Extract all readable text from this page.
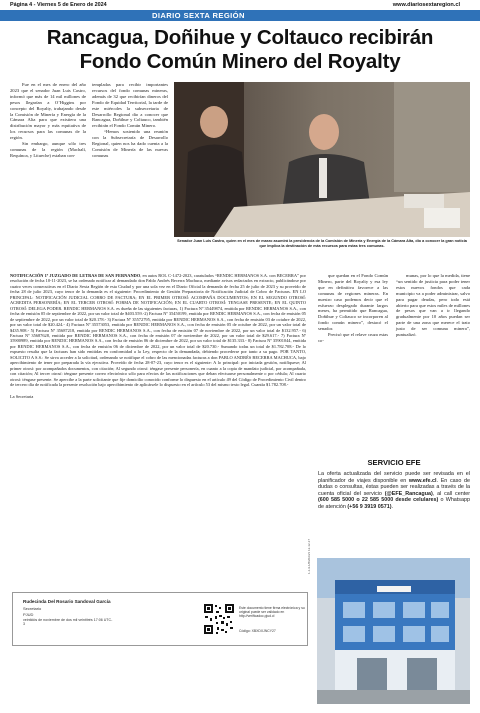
Página 4 - Viernes 5 de Enero de 2024	www.diariosextaregion.cl
DIARIO SEXTA REGIÓN
Rancagua, Doñihue y Coltauco recibirán
Fondo Común Minero del Royalty

Fue en el mes de enero del año 2023 que el senador Juan Luis Castro, informó que más de 14 mil millones de pesos llegarían a O’Higgins por concepto del Royalty, trabajando desde la Comisión de Minería y Energía de la Cámara Alta para que existiera una distribución mayor y más equitativa de los recursos para las comunas de la región.

Sin embargo, aunque sólo tres comunas de la región (Machalí, Requínoa, y Litueche) estaban con-

templadas para recibir importantes recursos del fondo comunas mineras, además de 32 que recibirían dineros del Fondo de Equidad Territorial, la tarde de este miércoles la subsecretaria de Desarrollo Regional dio a conocer que Rancagua, Doñihue y Coltauco, también recibirán el Fondo Común Minero.

“Hemos sostenido una reunión con la Subsecretaría de Desarrollo Regional, quien nos ha dado cuenta a la Comisión de Minería de las nuevas comunas

Senador Juan Luis Castro, quien en el mes de marzo asumirá la presidencia de la Comisión de Minería y Energía de la Cámara Alta, dio a conocer la gran noticia que implica la destinación de más recursos para estas tres comunas.
NOTIFICACIÓN 1º JUZGADO DE LETRAS DE SAN FERNANDO, en autos ROL C-1472-2023, caratulados “RENDIC HERMANOS S.A. con BECERRA” por resolución de fecha 10-11-2023, se ha ordenado notificar al demandado don Pablo Andrés Becerra Machuca, mediante avisos redactados en extracto, publicándose por cuatro veces consecutivas en el Diario Sexta Región de esta Ciudad y por una sola vez en el Diario Oficial la demanda de fecha 25 de julio de 2023 y su proveído de fecha 28 de julio 2023, cuyo tenor de la demanda es el siguiente: Procedimiento de Gestión Preparatoria de Notificación Judicial de Cobro de Facturas. EN LO PRINCIPAL: NOTIFICACIÓN JUDICIAL COBRO DE FACTURA; EN EL PRIMER OTROSÍ: ACOMPAÑA DOCUMENTOS; EN EL SEGUNDO OTROSÍ: ACREDITA PERSONERÍA; EN EL TERCER OTROSÍ: FORMA DE NOTIFICACIÓN; EN EL CUARTO OTROSÍ: TENGASE PRESENTE; EN EL QUINTO OTROSÍ: DELEGA PODER. RENDIC HERMANOS S.A. es dueña de las siguientes facturas, 1) Factura Nº 35449874, emitida por RENDIC HERMANOS S.A., con fecha de emisión 05 de septiembre de 2022, por un valor total de $403.559.-2) Factura Nº 35450199, emitida por RENDIC HERMANOS S.A., con fecha de emisión 05 de septiembre de 2022, por un valor total de $20.178.- 3) Factura Nº 35572795, emitida por RENDIC HERMANOS S.A., con fecha de emisión 03 de octubre de 2022, por un valor total de $20.424.- 4) Factura Nº 35573053, emitida por RENDIC HERMANOS S.A., con fecha de emisión 05 de octubre de 2022, por un valor total de $435.908.- 5) Factura Nº 35687218, emitida por RENDIC HERMANOS S.A., con fecha de emisión 07 de noviembre de 2022, por un valor total de $132.957.- 6) Factura Nº 35687628, emitida por RENDIC HERMANOS S.A., con fecha de emisión 07 de noviembre de 2022, por un valor total de $29.617.- 7) Factura Nº 35900989, emitida por RENDIC HERMANOS S.A., con fecha de emisión 06 de diciembre de 2022, por un valor total de $135.333.- 8) Factura Nº 35901044, emitida por RENDIC HERMANOS S.A., con fecha de emisión 06 de diciembre de 2022, por un valor total de $20.730.- Sumando todas un total de $1.782.708.- De lo expuesto resulta que la facturas han sido emitidas en conformidad a la Ley, respecto de la demandada, debiendo procederse por tanto a su pago. POR TANTO, SOLICITO A S.S.: Se sirva acceder a la solicitud, ordenando se notifique el cobro de las mencionadas facturas a don PABLO ANDRÉS BECERRA MACHUCA, bajo apercibimiento de tener por preparada la vía ejecutiva. Proveído de fecha 28-07-23, cuyo tenor es el siguiente: A lo principal: por iniciada gestión, notifíquese; Al primer otrosí: por acompañados documentos, con citación; Al segundo otrosí: téngase presente personería, en cuanto a la copia de mandato judicial, por acompañada, con citación; Al tercer otrosí: téngase presente correo electrónico sólo para efectos de las notificaciones que deban efectuarse personalmente o por cédula; Al cuarto otrosí: téngase presente. Se apercibe a la parte solicitante que fije domicilio conocido conforme lo dispuesto en el artículo 49 del Código de Procedimiento Civil dentro de tercero día de notificada la presente resolución bajo apercibimiento de aplicársele lo dispuesto en el artículo 53 del mismo texto legal. Cuantía $1.782.708.-
La Secretaria

que quedan en el Fondo Común Minero, parte del Royalty y esa ley que en definitiva favorece a las comunas de regiones mineras. En nuestro caso podemos decir que el esfuerzo desplegado durante largos meses, ha permitido que Rancagua, Doñihue y Coltauco se incorporen al fondo común minero”, destacó el senador.

Precisó que el relave cruza estas co-

munas, por lo que la medida, tiene “un sentido de justicia para poder tener estos nuevos fondos que cada municipio va a poder administrar, salvo para pagar deudas, pero todo está abierto para que estos miles de millones de pesos que van a ir llegando gradualmente por 10 años puedan ser parte de una zona que merece el trato justo de ser comuna minera”, puntualizó.

1-1-9-1/8/2023/1 12-12-17
SERVICIO EFE
La oferta actualizada del servicio puede ser revisada en el planificador de viajes disponible en www.efe.cl. En caso de dudas o consultas, éstas pueden ser realizadas a través de la cuenta oficial del servicio (@EFE_Rancagua), al call center (600 585 5000 o 22 585 5000 desde celulares) o Whatsapp de atención (+56 9 3919 0571).
Rudecinda Del Rosario Sandoval García
Secretario
PJUD
veintidós de noviembre de dos mil veintitrés 17:06 UTC-3
Este documento tiene firma electrónica y su original puede ser validado en http://verificadoc.pjud.cl
Código: XBXDXJNCY27
